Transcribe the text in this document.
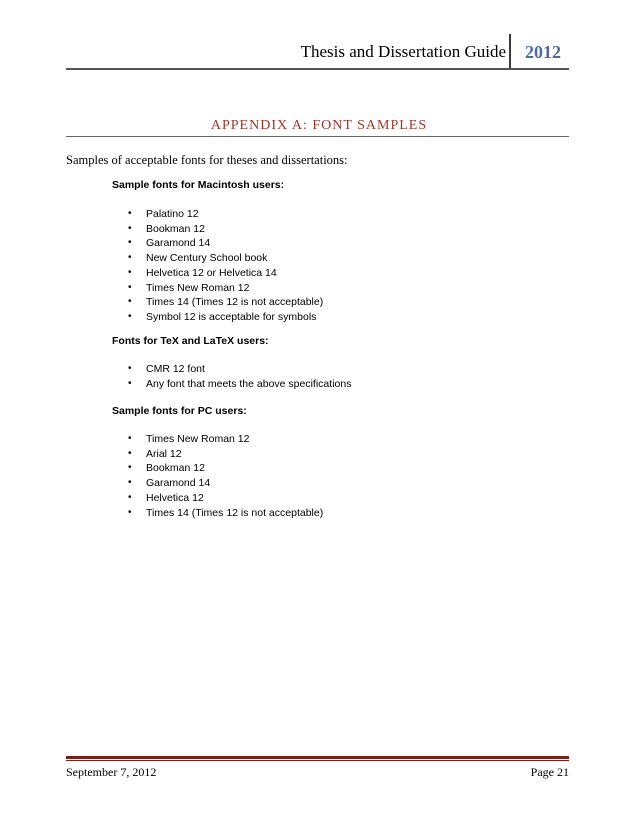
Thesis and Dissertation Guide 2012
APPENDIX A: FONT SAMPLES
Samples of acceptable fonts for theses and dissertations:
Sample fonts for Macintosh users:
• Palatino 12
• Bookman 12
• Garamond 14
• New Century School book
• Helvetica 12 or Helvetica 14
• Times New Roman 12
• Times 14 (Times 12 is not acceptable)
• Symbol 12 is acceptable for symbols
Fonts for TeX and LaTeX users:
• CMR 12 font
• Any font that meets the above specifications
Sample fonts for PC users:
• Times New Roman 12
• Arial 12
• Bookman 12
• Garamond 14
• Helvetica 12
• Times 14 (Times 12 is not acceptable)
September 7, 2012	Page 21
